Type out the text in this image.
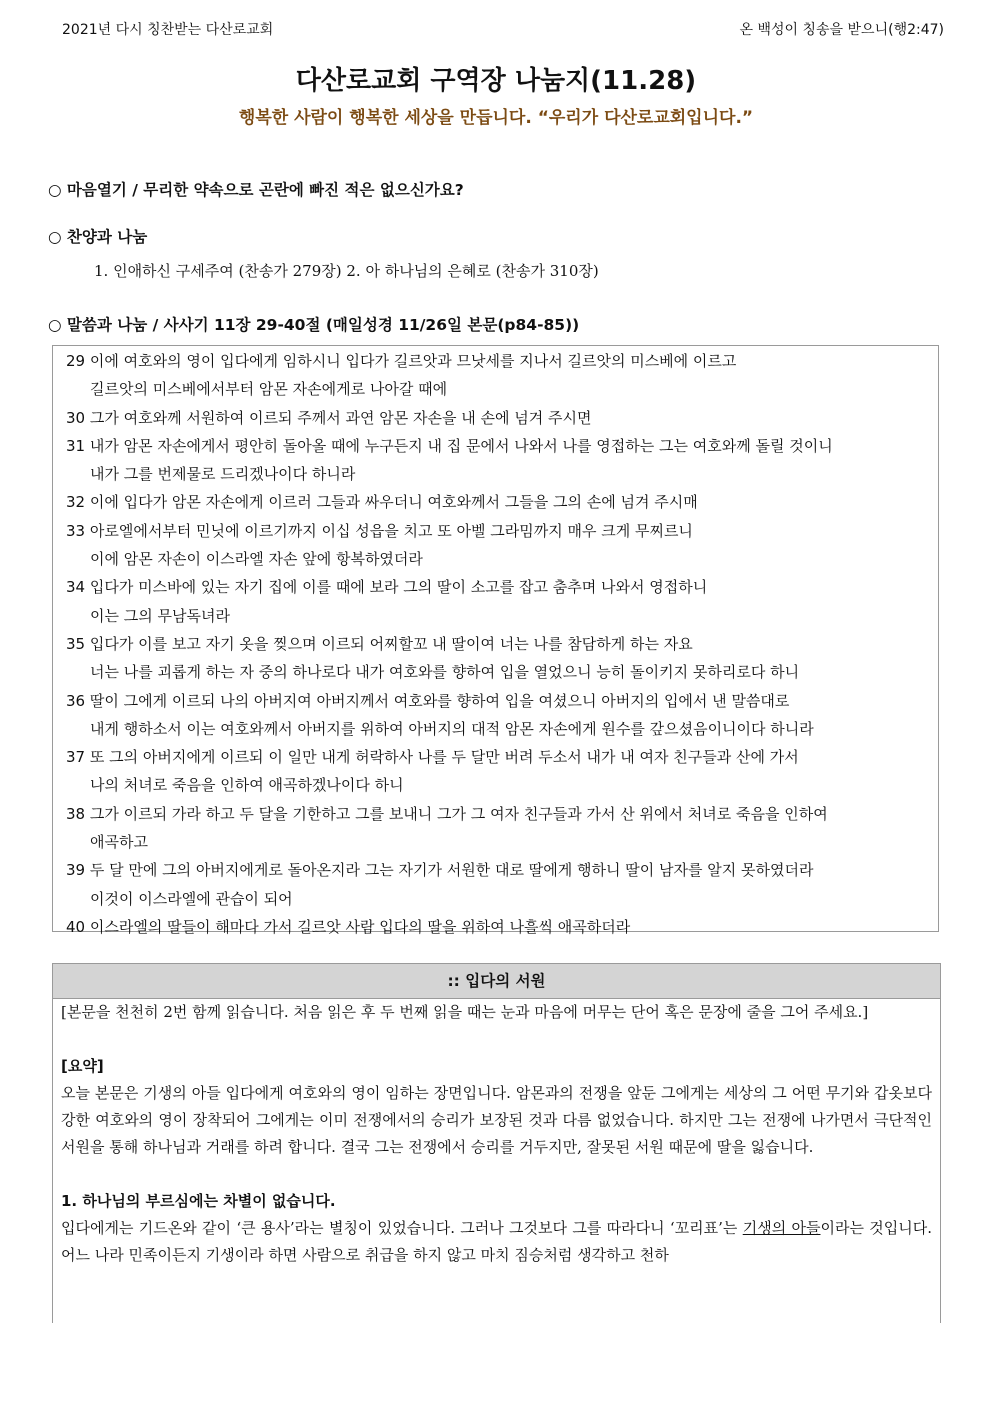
2021년 다시 칭찬받는 다산로교회	온 백성이 칭송을 받으니(행2:47)
다산로교회 구역장 나눔지(11.28)
행복한 사람이 행복한 세상을 만듭니다. “우리가 다산로교회입니다.”
○ 마음열기 / 무리한 약속으로 곤란에 빠진 적은 없으신가요?
○ 찬양과 나눔
1. 인애하신 구세주여 (찬송가 279장) 2. 아 하나님의 은혜로 (찬송가 310장)
○ 말씀과 나눔 / 사사기 11장 29-40절 (매일성경 11/26일 본문(p84-85))
29 이에 여호와의 영이 입다에게 임하시니 입다가 길르앗과 므낫세를 지나서 길르앗의 미스베에 이르고
길르앗의 미스베에서부터 암몬 자손에게로 나아갈 때에
30 그가 여호와께 서원하여 이르되 주께서 과연 암몬 자손을 내 손에 넘겨 주시면
31 내가 암몬 자손에게서 평안히 돌아올 때에 누구든지 내 집 문에서 나와서 나를 영접하는 그는 여호와께 돌릴 것이니
내가 그를 번제물로 드리겠나이다 하니라
32 이에 입다가 암몬 자손에게 이르러 그들과 싸우더니 여호와께서 그들을 그의 손에 넘겨 주시매
33 아로엘에서부터 민닛에 이르기까지 이십 성읍을 치고 또 아벨 그라밈까지 매우 크게 무찌르니
이에 암몬 자손이 이스라엘 자손 앞에 항복하였더라
34 입다가 미스바에 있는 자기 집에 이를 때에 보라 그의 딸이 소고를 잡고 춤추며 나와서 영접하니
이는 그의 무남독녀라
35 입다가 이를 보고 자기 옷을 찢으며 이르되 어찌할꼬 내 딸이여 너는 나를 참담하게 하는 자요
너는 나를 괴롭게 하는 자 중의 하나로다 내가 여호와를 향하여 입을 열었으니 능히 돌이키지 못하리로다 하니
36 딸이 그에게 이르되 나의 아버지여 아버지께서 여호와를 향하여 입을 여셨으니 아버지의 입에서 낸 말씀대로
내게 행하소서 이는 여호와께서 아버지를 위하여 아버지의 대적 암몬 자손에게 원수를 갚으셨음이니이다 하니라
37 또 그의 아버지에게 이르되 이 일만 내게 허락하사 나를 두 달만 버려 두소서 내가 내 여자 친구들과 산에 가서
나의 처녀로 죽음을 인하여 애곡하겠나이다 하니
38 그가 이르되 가라 하고 두 달을 기한하고 그를 보내니 그가 그 여자 친구들과 가서 산 위에서 처녀로 죽음을 인하여
애곡하고
39 두 달 만에 그의 아버지에게로 돌아온지라 그는 자기가 서원한 대로 딸에게 행하니 딸이 남자를 알지 못하였더라
이것이 이스라엘에 관습이 되어
40 이스라엘의 딸들이 해마다 가서 길르앗 사람 입다의 딸을 위하여 나흘씩 애곡하더라
:: 입다의 서원

[본문을 천천히 2번 함께 읽습니다. 처음 읽은 후 두 번째 읽을 때는 눈과 마음에 머무는 단어 혹은 문장에 줄을 그어 주세요.]

[요약]

오늘 본문은 기생의 아들 입다에게 여호와의 영이 임하는 장면입니다. 암몬과의 전쟁을 앞둔 그에게는 세상의 그 어떤 무기와 갑옷보다 강한 여호와의 영이 장착되어 그에게는 이미 전쟁에서의 승리가 보장된 것과 다름 없었습니다. 하지만 그는 전쟁에 나가면서 극단적인 서원을 통해 하나님과 거래를 하려 합니다. 결국 그는 전쟁에서 승리를 거두지만, 잘못된 서원 때문에 딸을 잃습니다.

1. 하나님의 부르심에는 차별이 없습니다.

입다에게는 기드온와 같이 ‘큰 용사’라는 별칭이 있었습니다. 그러나 그것보다 그를 따라다니 ‘꼬리표’는 기생의 아들이라는 것입니다. 어느 나라 민족이든지 기생이라 하면 사람으로 취급을 하지 않고 마치 짐승처럼 생각하고 천하
